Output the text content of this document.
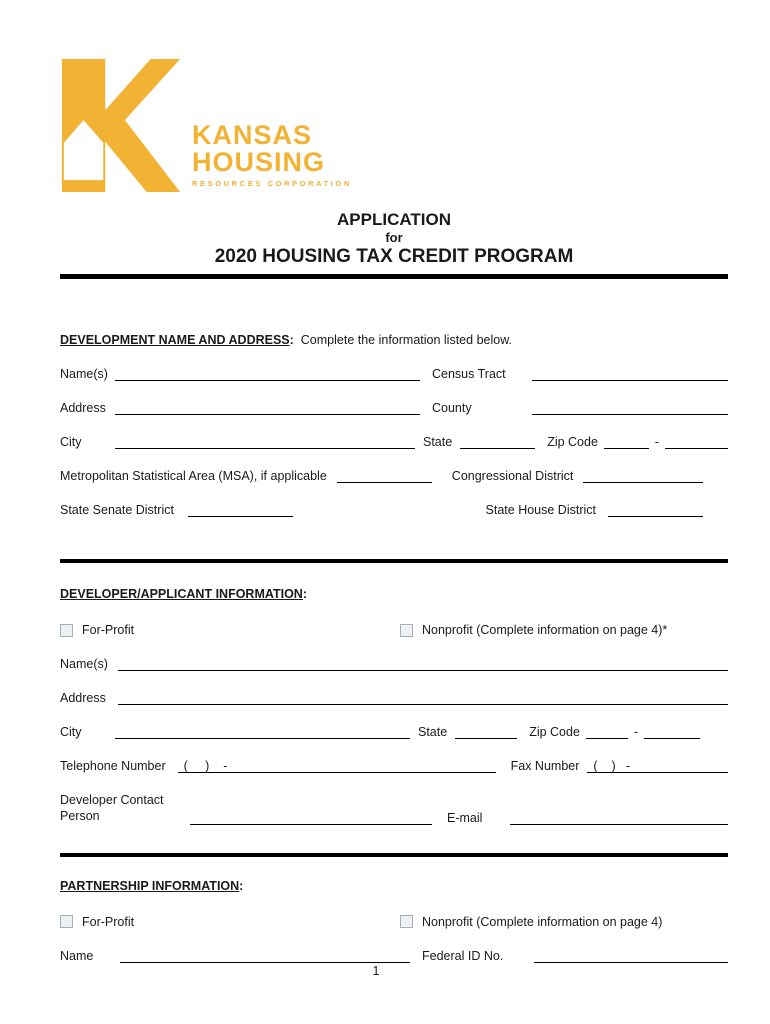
KANSAS
HOUSING
RESOURCES CORPORATION
APPLICATION
for
2020 HOUSING TAX CREDIT PROGRAM
DEVELOPMENT NAME AND ADDRESS: Complete the information listed below.
Name(s)	Census Tract
Address	County
City	State	Zip Code	-
Metropolitan Statistical Area (MSA), if applicable	Congressional District
State Senate District	State House District
DEVELOPER/APPLICANT INFORMATION:
For-Profit	Nonprofit (Complete information on page 4)*
Name(s)
Address
City	State	Zip Code	-
Telephone Number	(     )    -	Fax Number	(    )   -
Developer Contact
Person	E-mail
PARTNERSHIP INFORMATION:
For-Profit	Nonprofit (Complete information on page 4)
Name	Federal ID No.
1
